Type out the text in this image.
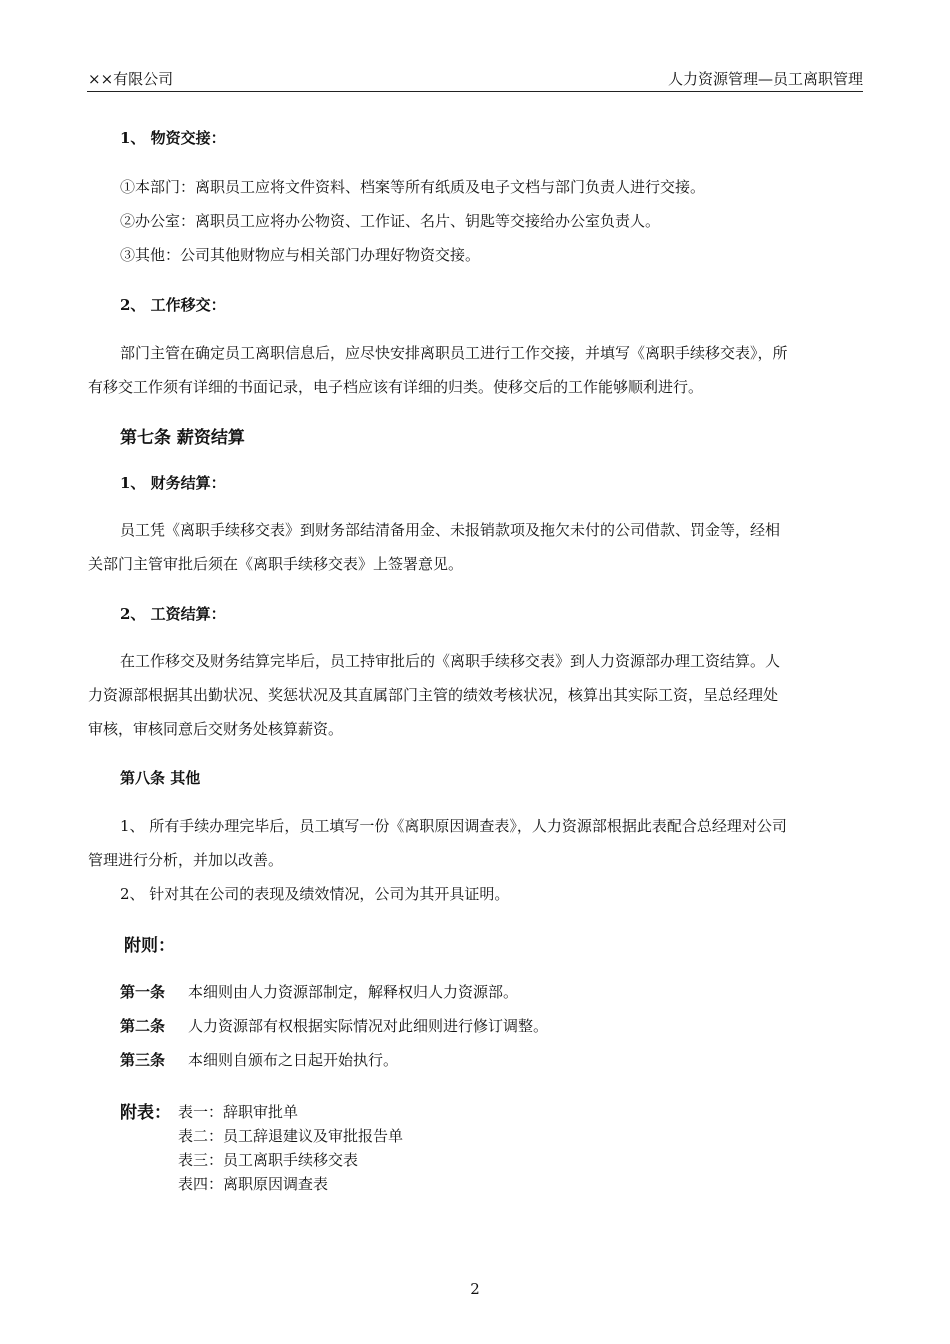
××有限公司	人力资源管理—员工离职管理
1、 物资交接：
①本部门：离职员工应将文件资料、档案等所有纸质及电子文档与部门负责人进行交接。
②办公室：离职员工应将办公物资、工作证、名片、钥匙等交接给办公室负责人。
③其他：公司其他财物应与相关部门办理好物资交接。
2、 工作移交：
部门主管在确定员工离职信息后，应尽快安排离职员工进行工作交接，并填写《离职手续移交表》，所
有移交工作须有详细的书面记录，电子档应该有详细的归类。使移交后的工作能够顺利进行。
第七条 薪资结算
1、 财务结算：
员工凭《离职手续移交表》到财务部结清备用金、未报销款项及拖欠未付的公司借款、罚金等，经相
关部门主管审批后须在《离职手续移交表》上签署意见。
2、 工资结算：
在工作移交及财务结算完毕后，员工持审批后的《离职手续移交表》到人力资源部办理工资结算。人
力资源部根据其出勤状况、奖惩状况及其直属部门主管的绩效考核状况，核算出其实际工资，呈总经理处
审核，审核同意后交财务处核算薪资。
第八条 其他
1、 所有手续办理完毕后，员工填写一份《离职原因调查表》，人力资源部根据此表配合总经理对公司
管理进行分析，并加以改善。
2、 针对其在公司的表现及绩效情况，公司为其开具证明。
附则：
第一条 本细则由人力资源部制定，解释权归人力资源部。
第二条 人力资源部有权根据实际情况对此细则进行修订调整。
第三条 本细则自颁布之日起开始执行。
附表： 表一：辞职审批单
表二：员工辞退建议及审批报告单
表三：员工离职手续移交表
表四：离职原因调查表
2
